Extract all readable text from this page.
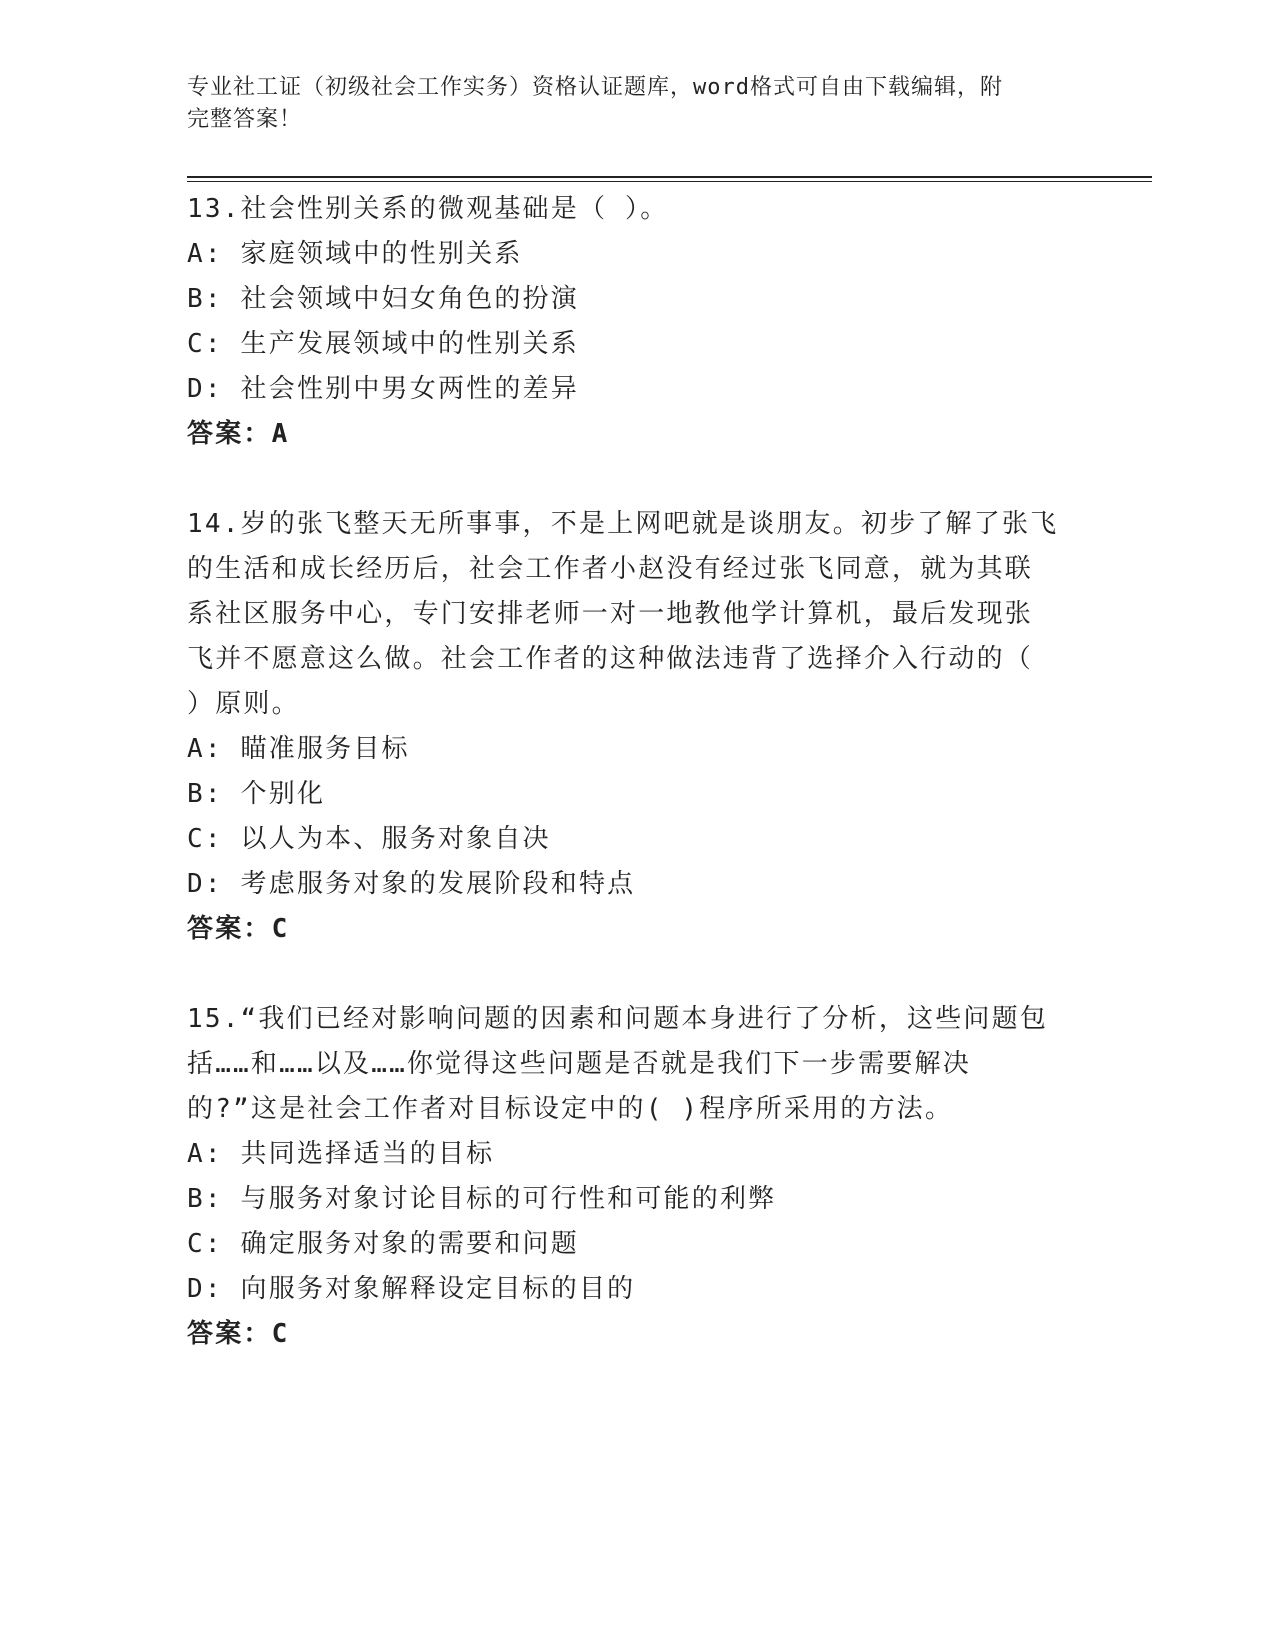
专业社工证（初级社会工作实务）资格认证题库，word格式可自由下载编辑，附
完整答案！

13.社会性别关系的微观基础是（ ）。

A: 家庭领域中的性别关系

B: 社会领域中妇女角色的扮演

C: 生产发展领域中的性别关系

D: 社会性别中男女两性的差异

答案：A

14.岁的张飞整天无所事事，不是上网吧就是谈朋友。初步了解了张飞

的生活和成长经历后，社会工作者小赵没有经过张飞同意，就为其联

系社区服务中心，专门安排老师一对一地教他学计算机，最后发现张

飞并不愿意这么做。社会工作者的这种做法违背了选择介入行动的（

）原则。

A: 瞄准服务目标

B: 个别化

C: 以人为本、服务对象自决

D: 考虑服务对象的发展阶段和特点

答案：C

15.“我们已经对影响问题的因素和问题本身进行了分析，这些问题包

括……和……以及……你觉得这些问题是否就是我们下一步需要解决

的?”这是社会工作者对目标设定中的( )程序所采用的方法。

A: 共同选择适当的目标

B: 与服务对象讨论目标的可行性和可能的利弊

C: 确定服务对象的需要和问题

D: 向服务对象解释设定目标的目的

答案：C
